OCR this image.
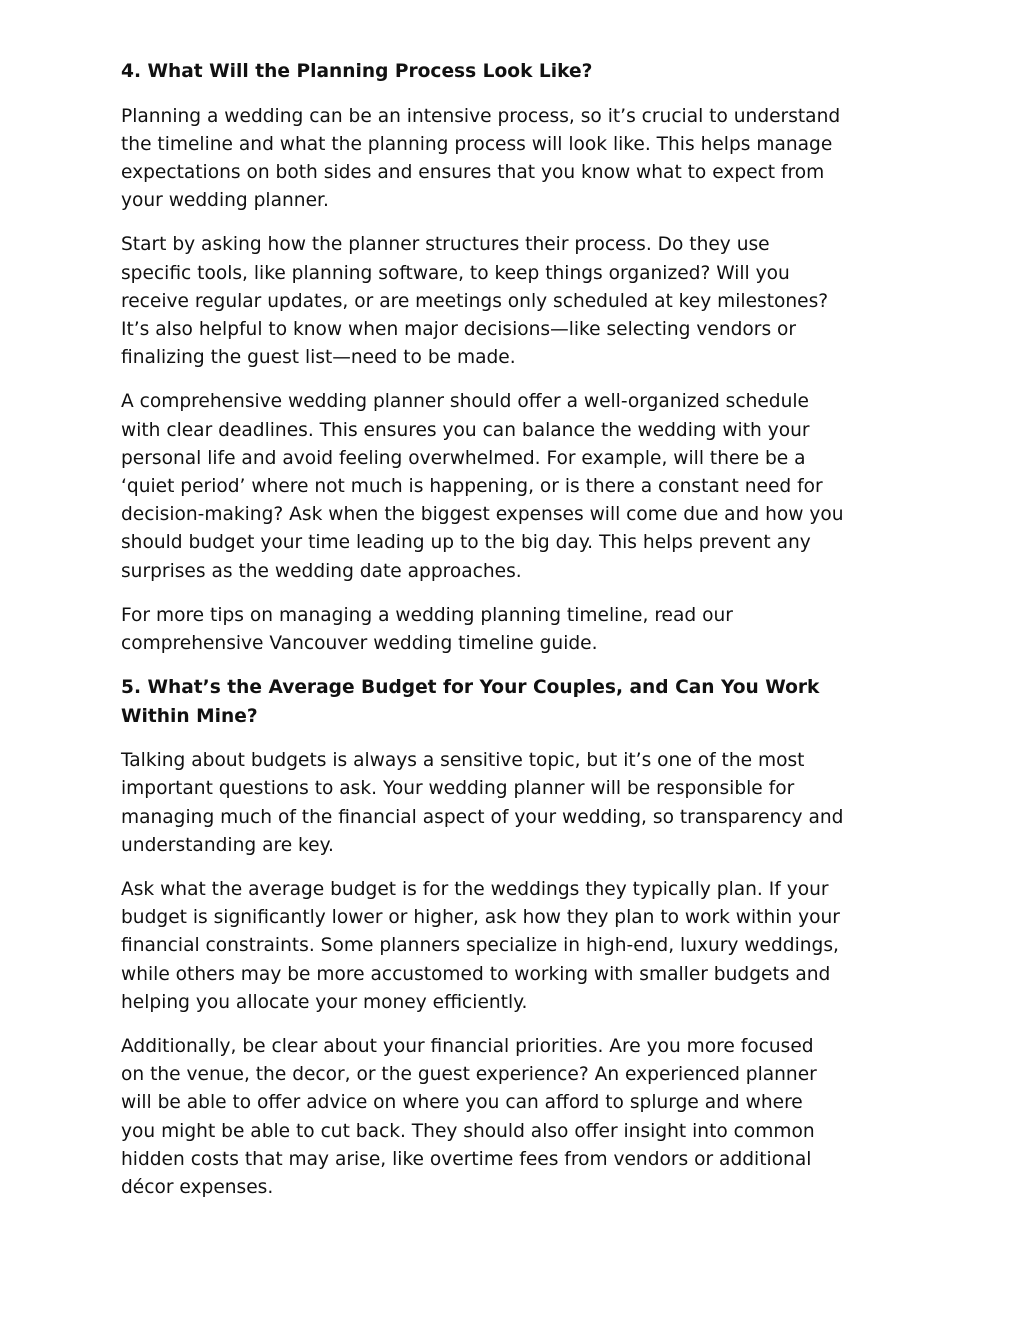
4. What Will the Planning Process Look Like?

Planning a wedding can be an intensive process, so it’s crucial to understand
the timeline and what the planning process will look like. This helps manage
expectations on both sides and ensures that you know what to expect from
your wedding planner.

Start by asking how the planner structures their process. Do they use
specific tools, like planning software, to keep things organized? Will you
receive regular updates, or are meetings only scheduled at key milestones?
It’s also helpful to know when major decisions—like selecting vendors or
finalizing the guest list—need to be made.

A comprehensive wedding planner should offer a well-organized schedule
with clear deadlines. This ensures you can balance the wedding with your
personal life and avoid feeling overwhelmed. For example, will there be a
‘quiet period’ where not much is happening, or is there a constant need for
decision-making? Ask when the biggest expenses will come due and how you
should budget your time leading up to the big day. This helps prevent any
surprises as the wedding date approaches.

For more tips on managing a wedding planning timeline, read our
comprehensive Vancouver wedding timeline guide.

5. What’s the Average Budget for Your Couples, and Can You Work
Within Mine?

Talking about budgets is always a sensitive topic, but it’s one of the most
important questions to ask. Your wedding planner will be responsible for
managing much of the financial aspect of your wedding, so transparency and
understanding are key.

Ask what the average budget is for the weddings they typically plan. If your
budget is significantly lower or higher, ask how they plan to work within your
financial constraints. Some planners specialize in high-end, luxury weddings,
while others may be more accustomed to working with smaller budgets and
helping you allocate your money efficiently.

Additionally, be clear about your financial priorities. Are you more focused
on the venue, the decor, or the guest experience? An experienced planner
will be able to offer advice on where you can afford to splurge and where
you might be able to cut back. They should also offer insight into common
hidden costs that may arise, like overtime fees from vendors or additional
décor expenses.
